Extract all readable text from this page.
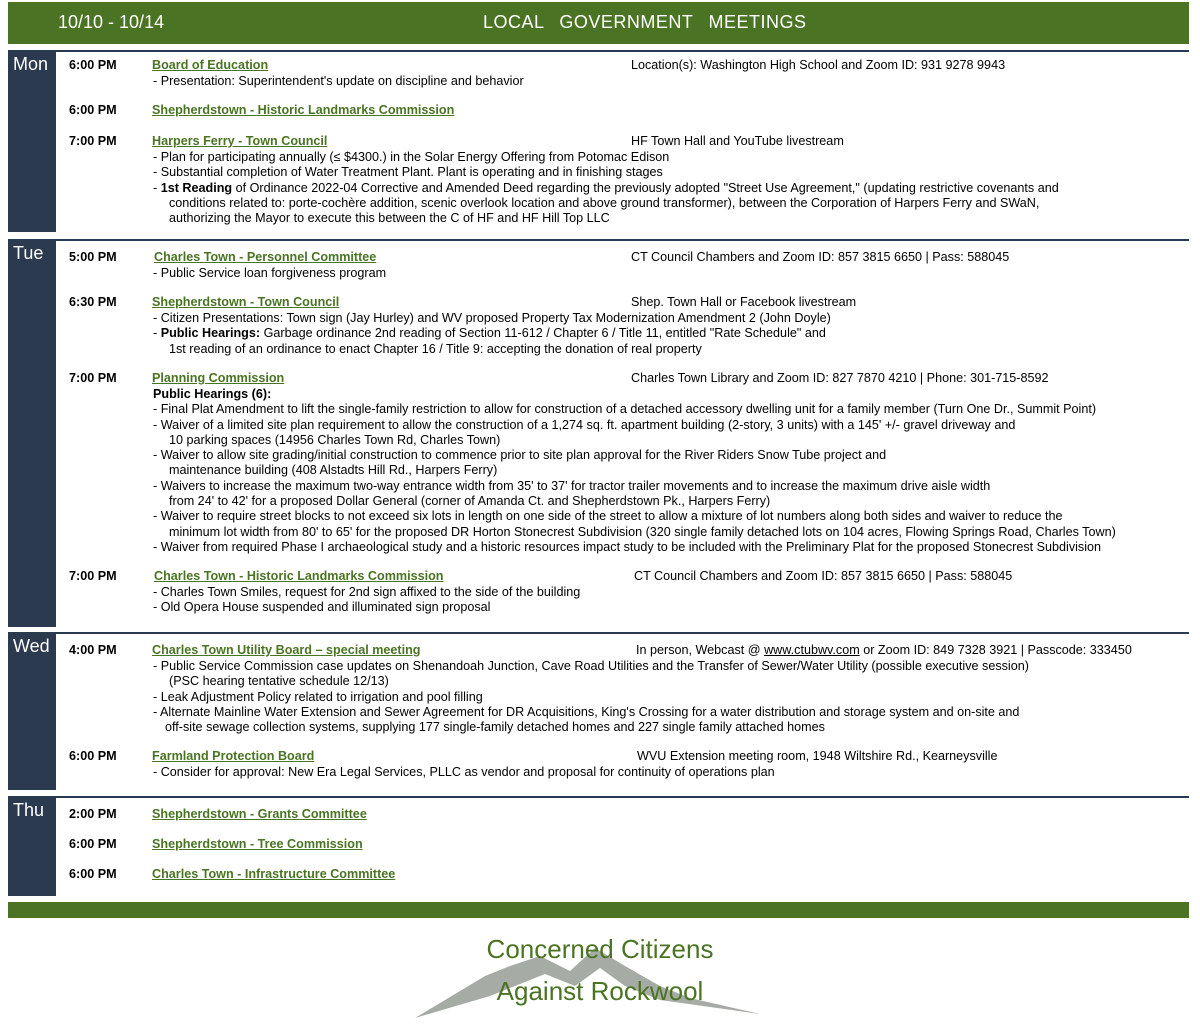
10/10 - 10/14	LOCAL GOVERNMENT MEETINGS
Mon 6:00 PM	Board of Education	Location(s): Washington High School and Zoom ID: 931 9278 9943
- Presentation: Superintendent's update on discipline and behavior
6:00 PM	Shepherdstown - Historic Landmarks Commission
7:00 PM	Harpers Ferry - Town Council	HF Town Hall and YouTube livestream
- Plan for participating annually (≤ $4300.) in the Solar Energy Offering from Potomac Edison
- Substantial completion of Water Treatment Plant. Plant is operating and in finishing stages
- 1st Reading of Ordinance 2022-04 Corrective and Amended Deed regarding the previously adopted "Street Use Agreement," (updating restrictive covenants and
conditions related to: porte-cochère addition, scenic overlook location and above ground transformer), between the Corporation of Harpers Ferry and SWaN,
authorizing the Mayor to execute this between the C of HF and HF Hill Top LLC
Tue 5:00 PM	Charles Town - Personnel Committee	CT Council Chambers and Zoom ID: 857 3815 6650 | Pass: 588045
- Public Service loan forgiveness program
6:30 PM	Shepherdstown - Town Council	Shep. Town Hall or Facebook livestream
- Citizen Presentations: Town sign (Jay Hurley) and WV proposed Property Tax Modernization Amendment 2 (John Doyle)
- Public Hearings: Garbage ordinance 2nd reading of Section 11-612 / Chapter 6 / Title 11, entitled "Rate Schedule" and
1st reading of an ordinance to enact Chapter 16 / Title 9: accepting the donation of real property
7:00 PM	Planning Commission	Charles Town Library and Zoom ID: 827 7870 4210 | Phone: 301-715-8592
Public Hearings (6):
- Final Plat Amendment to lift the single-family restriction to allow for construction of a detached accessory dwelling unit for a family member (Turn One Dr., Summit Point)
- Waiver of a limited site plan requirement to allow the construction of a 1,274 sq. ft. apartment building (2-story, 3 units) with a 145' +/- gravel driveway and
10 parking spaces (14956 Charles Town Rd, Charles Town)
- Waiver to allow site grading/initial construction to commence prior to site plan approval for the River Riders Snow Tube project and
maintenance building (408 Alstadts Hill Rd., Harpers Ferry)
- Waivers to increase the maximum two-way entrance width from 35' to 37' for tractor trailer movements and to increase the maximum drive aisle width
from 24' to 42' for a proposed Dollar General (corner of Amanda Ct. and Shepherdstown Pk., Harpers Ferry)
- Waiver to require street blocks to not exceed six lots in length on one side of the street to allow a mixture of lot numbers along both sides and waiver to reduce the
minimum lot width from 80' to 65' for the proposed DR Horton Stonecrest Subdivision (320 single family detached lots on 104 acres, Flowing Springs Road, Charles Town)
- Waiver from required Phase I archaeological study and a historic resources impact study to be included with the Preliminary Plat for the proposed Stonecrest Subdivision
7:00 PM	Charles Town - Historic Landmarks Commission	CT Council Chambers and Zoom ID: 857 3815 6650 | Pass: 588045
- Charles Town Smiles, request for 2nd sign affixed to the side of the building
- Old Opera House suspended and illuminated sign proposal
Wed 4:00 PM	Charles Town Utility Board – special meeting	In person, Webcast @ www.ctubwv.com or Zoom ID: 849 7328 3921 | Passcode: 333450
- Public Service Commission case updates on Shenandoah Junction, Cave Road Utilities and the Transfer of Sewer/Water Utility (possible executive session)
(PSC hearing tentative schedule 12/13)
- Leak Adjustment Policy related to irrigation and pool filling
- Alternate Mainline Water Extension and Sewer Agreement for DR Acquisitions, King's Crossing for a water distribution and storage system and on-site and
off-site sewage collection systems, supplying 177 single-family detached homes and 227 single family attached homes
6:00 PM	Farmland Protection Board	WVU Extension meeting room, 1948 Wiltshire Rd., Kearneysville
- Consider for approval: New Era Legal Services, PLLC as vendor and proposal for continuity of operations plan
Thu 2:00 PM	Shepherdstown - Grants Committee
6:00 PM	Shepherdstown - Tree Commission
6:00 PM	Charles Town - Infrastructure Committee
Concerned Citizens
Against Rockwool
